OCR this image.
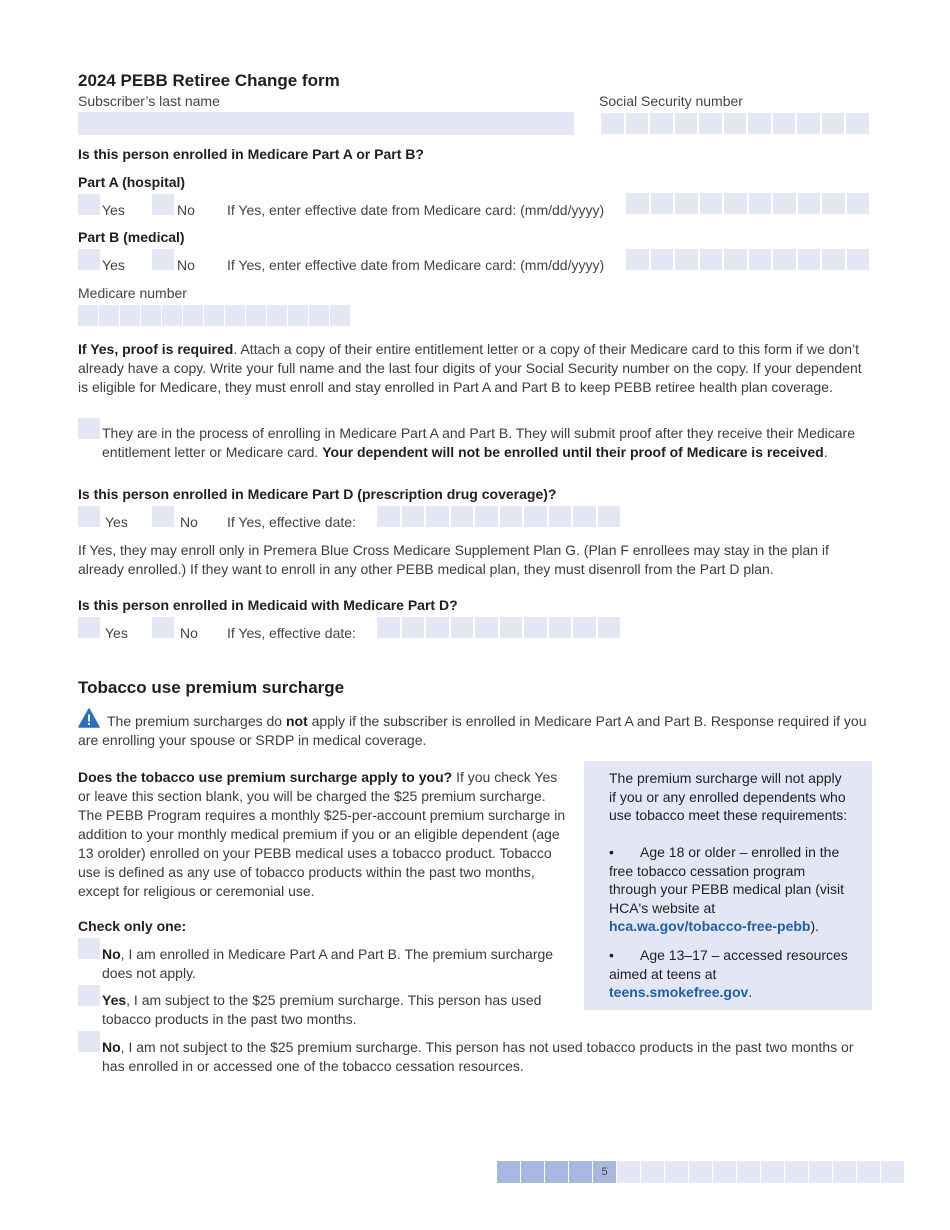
2024 PEBB Retiree Change form
Subscriber’s last name	Social Security number
Is this person enrolled in Medicare Part A or Part B?
Part A (hospital)
Yes	No If Yes, enter effective date from Medicare card: (mm/dd/yyyy)
Part B (medical)
Yes	No If Yes, enter effective date from Medicare card: (mm/dd/yyyy)
Medicare number
If Yes, proof is required. Attach a copy of their entire entitlement letter or a copy of their Medicare card to this form if we don’t already have a copy. Write your full name and the last four digits of your Social Security number on the copy. If your dependent is eligible for Medicare, they must enroll and stay enrolled in Part A and Part B to keep PEBB retiree health plan coverage.
They are in the process of enrolling in Medicare Part A and Part B. They will submit proof after they receive their Medicare entitlement letter or Medicare card. Your dependent will not be enrolled until their proof of Medicare is received.
Is this person enrolled in Medicare Part D (prescription drug coverage)?
Yes	No If Yes, effective date:
If Yes, they may enroll only in Premera Blue Cross Medicare Supplement Plan G. (Plan F enrollees may stay in the plan if already enrolled.) If they want to enroll in any other PEBB medical plan, they must disenroll from the Part D plan.
Is this person enrolled in Medicaid with Medicare Part D?
Yes	No If Yes, effective date:
Tobacco use premium surcharge
The premium surcharges do not apply if the subscriber is enrolled in Medicare Part A and Part B. Response required if you are enrolling your spouse or SRDP in medical coverage.
Does the tobacco use premium surcharge apply to you? If you check Yes or leave this section blank, you will be charged the $25 premium surcharge. The PEBB Program requires a monthly $25-per-account premium surcharge in addition to your monthly medical premium if you or an eligible dependent (age 13 orolder) enrolled on your PEBB medical uses a tobacco product. Tobacco use is defined as any use of tobacco products within the past two months, except for religious or ceremonial use.
The premium surcharge will not apply if you or any enrolled dependents who use tobacco meet these requirements:
• Age 18 or older – enrolled in the free tobacco cessation program through your PEBB medical plan (visit HCA's website at hca.wa.gov/tobacco-free-pebb).
• Age 13–17 – accessed resources aimed at teens at teens.smokefree.gov.
Check only one:
No, I am enrolled in Medicare Part A and Part B. The premium surcharge does not apply.
Yes, I am subject to the $25 premium surcharge. This person has used tobacco products in the past two months.
No, I am not subject to the $25 premium surcharge. This person has not used tobacco products in the past two months or has enrolled in or accessed one of the tobacco cessation resources.
5
